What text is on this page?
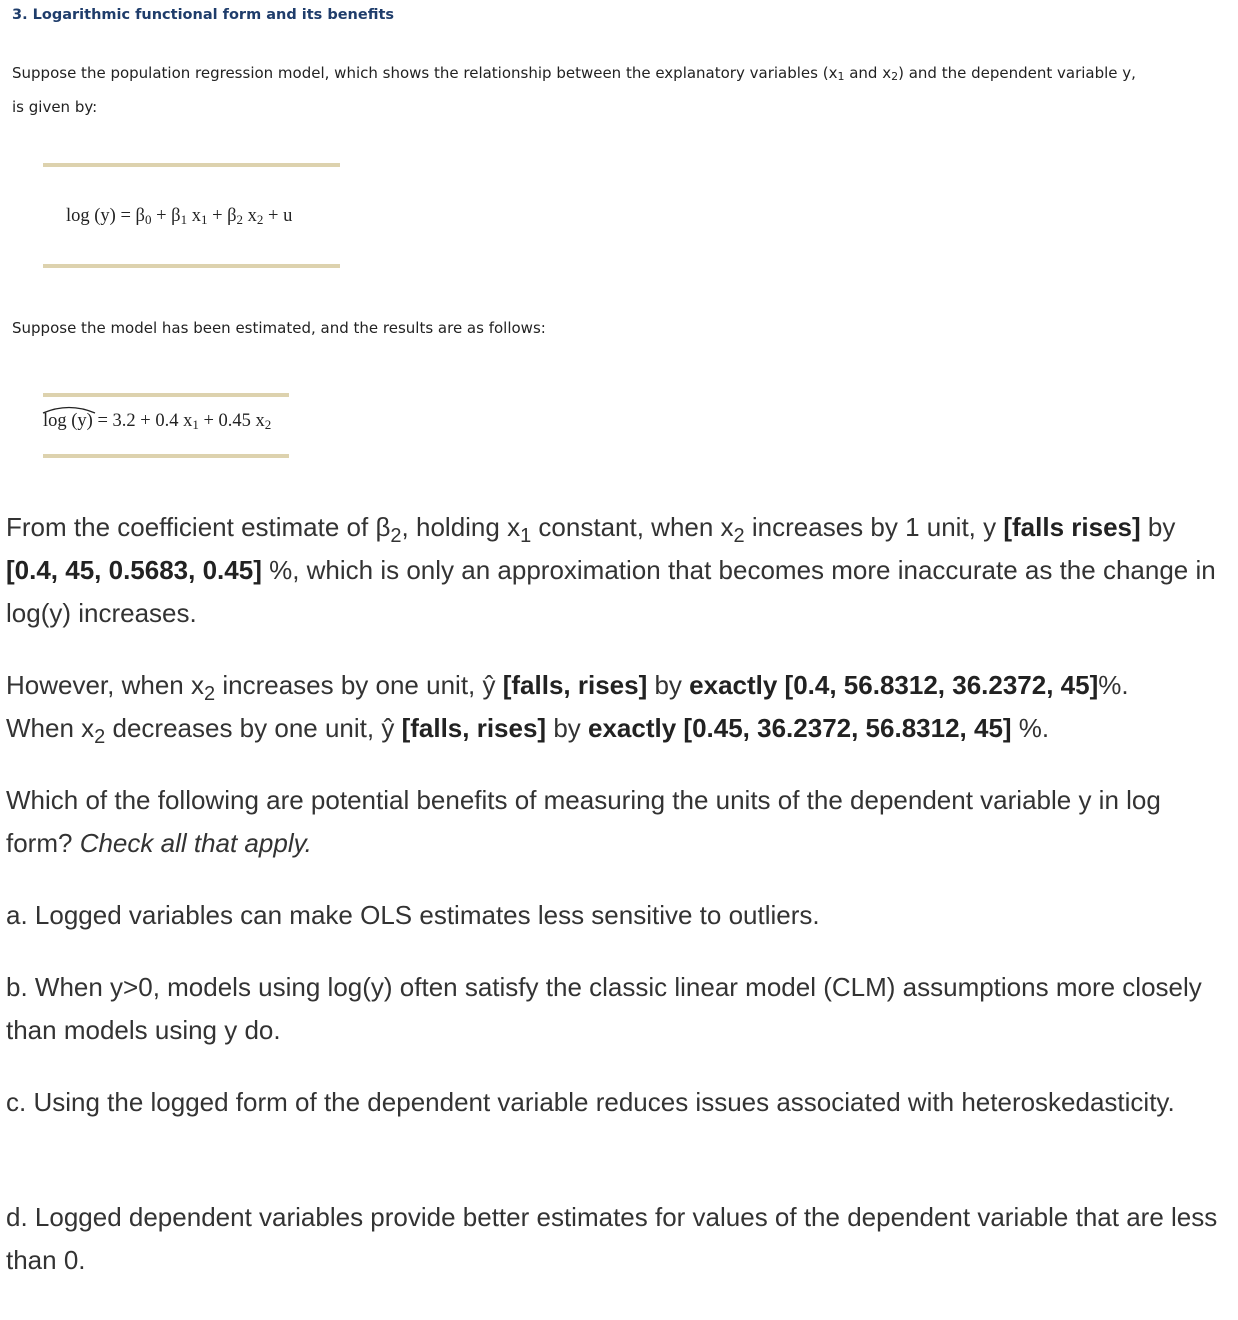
3. Logarithmic functional form and its benefits

Suppose the population regression model, which shows the relationship between the explanatory variables ($x_1$ and $x_2$) and the dependent variable y,
is given by:

$\log (y) = \beta_0 + \beta_1$ $x_1 + \beta_2$ $x_2 + u$

Suppose the model has been estimated, and the results are as follows:

log (y) = 3.2 + 0.4 $x_1 + 0.45$ $x_2$

From the coefficient estimate of $\beta_2$, holding $x_1$ constant, when $x_2$ increases by 1 unit, y [falls rises] by [0.4, 45, 0.5683, 0.45] %, which is only an approximation that becomes more inaccurate as the change in log(y) increases.

However, when $x_2$ increases by one unit, ŷ [falls, rises] by exactly [0.4, 56.8312, 36.2372, 45]%.
When $x_2$ decreases by one unit, ŷ [falls, rises] by exactly [0.45, 36.2372, 56.8312, 45] %.

Which of the following are potential benefits of measuring the units of the dependent variable y in log form? Check all that apply.

a. Logged variables can make OLS estimates less sensitive to outliers.

b. When y>0, models using log(y) often satisfy the classic linear model (CLM) assumptions more closely than models using y do.

c. Using the logged form of the dependent variable reduces issues associated with heteroskedasticity.

d. Logged dependent variables provide better estimates for values of the dependent variable that are less than 0.
